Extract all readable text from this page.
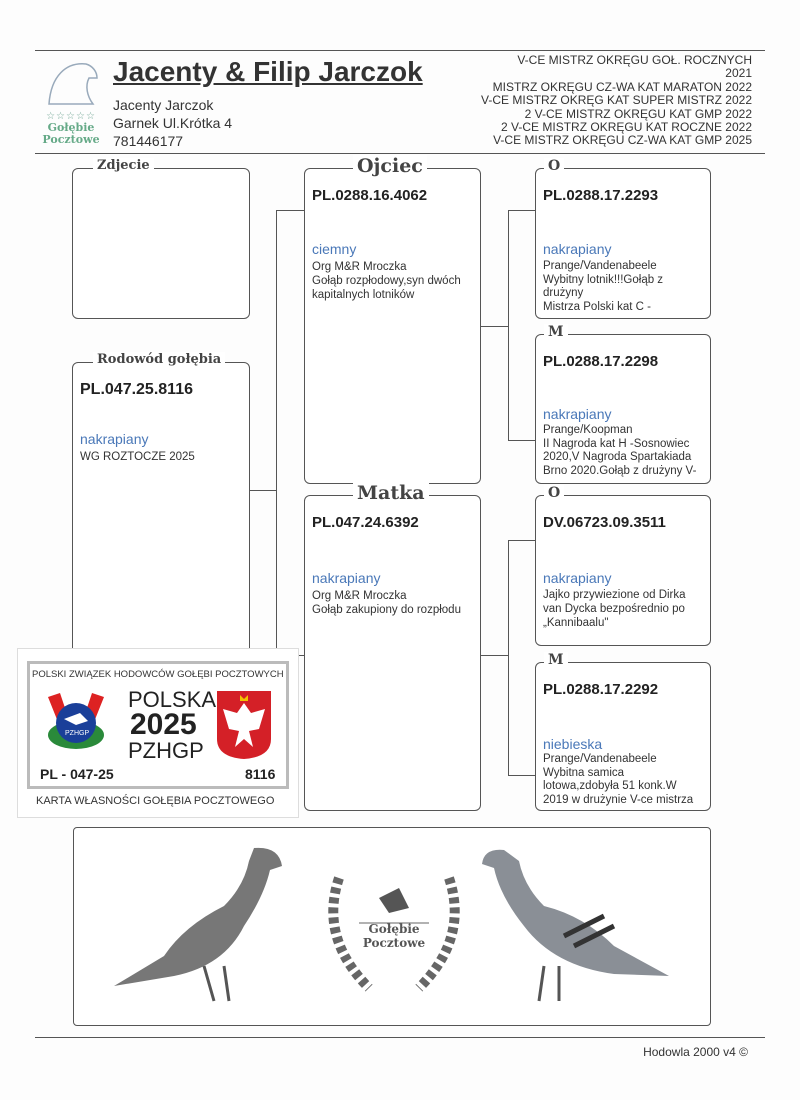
☆☆☆☆☆
Gołębie
Pocztowe
Jacenty & Filip Jarczok
Jacenty Jarczok
Garnek Ul.Krótka 4
781446177
V-CE MISTRZ OKRĘGU GOŁ. ROCZNYCH
2021
MISTRZ OKRĘGU CZ-WA KAT MARATON 2022
V-CE MISTRZ OKRĘG KAT SUPER MISTRZ 2022
2 V-CE MISTRZ OKRĘGU KAT GMP 2022
2 V-CE MISTRZ OKRĘGU KAT ROCZNE 2022
V-CE MISTRZ OKRĘGU CZ-WA KAT GMP 2025
Zdjecie
Rodowód gołębia
PL.047.25.8116
nakrapiany
WG ROZTOCZE 2025
Ojciec
PL.0288.16.4062
ciemny
Org M&R Mroczka
Gołąb rozpłodowy,syn dwóch
kapitalnych lotników
Matka
PL.047.24.6392
nakrapiany
Org M&R Mroczka
Gołąb zakupiony do rozpłodu
O
PL.0288.17.2293
nakrapiany
Prange/Vandenabeele
Wybitny lotnik!!!Gołąb z
drużyny
Mistrza Polski kat C -
M
PL.0288.17.2298
nakrapiany
Prange/Koopman
II Nagroda kat H -Sosnowiec
2020,V Nagroda Spartakiada
Brno 2020.Gołąb z drużyny V-
O
DV.06723.09.3511
nakrapiany
Jajko przywiezione od Dirka
van Dycka bezpośrednio po
„Kannibaalu"
M
PL.0288.17.2292
niebieska
Prange/Vandenabeele
Wybitna samica
lotowa,zdobyła 51 konk.W
2019 w drużynie V-ce mistrza
POLSKI ZWIĄZEK HODOWCÓW GOŁĘBI POCZTOWYCH
PZHGP
POLSKA
2025
PZHGP
PL - 047-25	8116
KARTA WŁASNOŚCI GOŁĘBIA POCZTOWEGO
Gołębie
Pocztowe
Hodowla 2000 v4 ©
